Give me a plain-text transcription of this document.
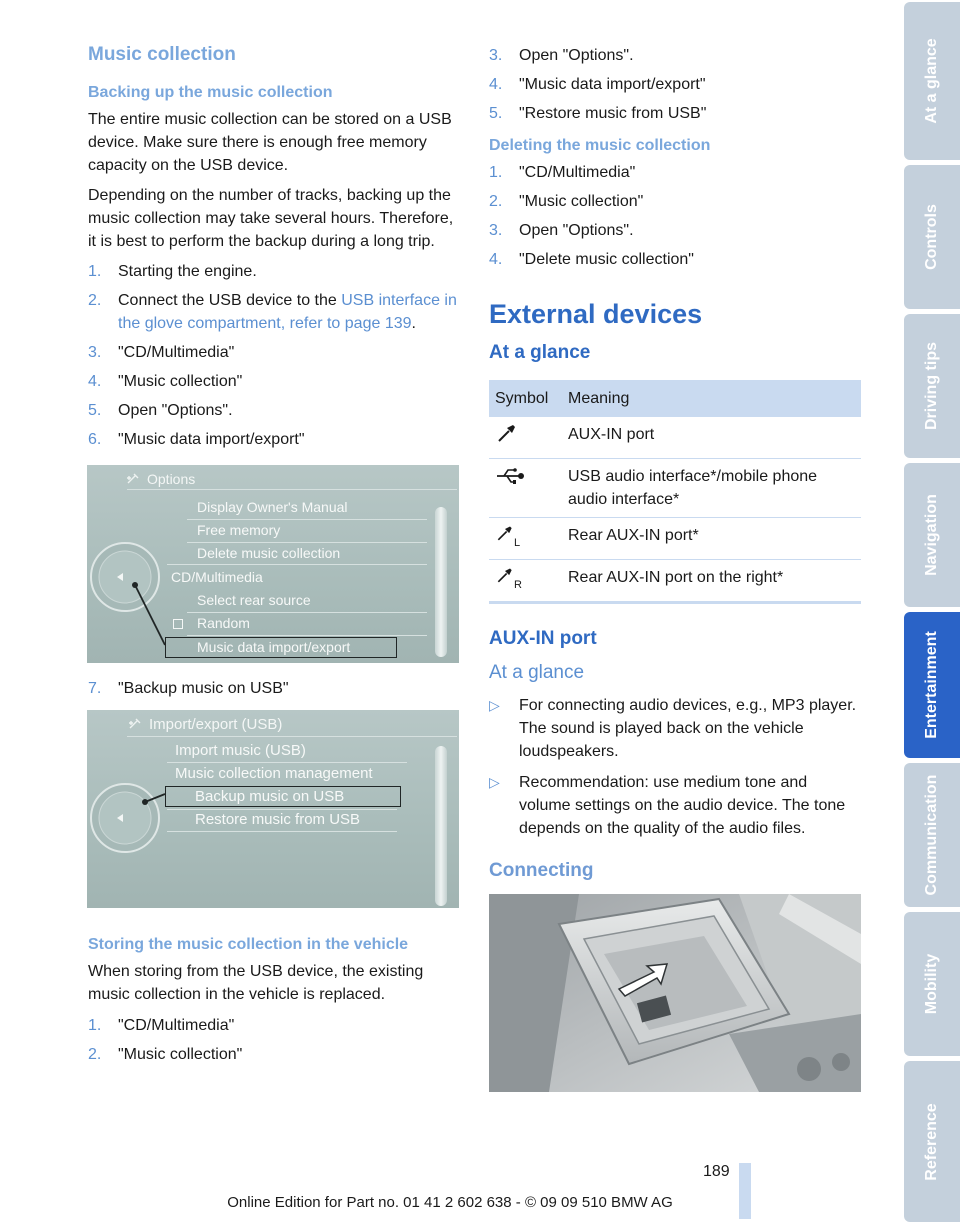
Music collection
Backing up the music collection

The entire music collection can be stored on a USB device. Make sure there is enough free memory capacity on the USB device.

Depending on the number of tracks, backing up the music collection may take several hours. Therefore, it is best to perform the backup during a long trip.

1.	Starting the engine.
2.	Connect the USB device to the USB interface in the glove compartment, refer to page 139.
3.	"CD/Multimedia"
4.	"Music collection"
5.	Open "Options".
6.	"Music data import/export"
Options
Display Owner's Manual
Free memory
Delete music collection
CD/Multimedia
Select rear source
Random
Music data import/export
7.	"Backup music on USB"
Import/export (USB)
Import music (USB)
Music collection management
Backup music on USB
Restore music from USB
Storing the music collection in the vehicle

When storing from the USB device, the existing music collection in the vehicle is replaced.

1.	"CD/Multimedia"
2.	"Music collection"
3.	Open "Options".
4.	"Music data import/export"
5.	"Restore music from USB"
Deleting the music collection
1.	"CD/Multimedia"
2.	"Music collection"
3.	Open "Options".
4.	"Delete music collection"
External devices
At a glance
Symbol	Meaning
	AUX-IN port
	USB audio interface*/mobile phone audio interface*

L	Rear AUX-IN port*

R	Rear AUX-IN port on the right*
AUX-IN port
At a glance
▷	For connecting audio devices, e.g., MP3 player. The sound is played back on the vehicle loudspeakers.
▷	Recommendation: use medium tone and volume settings on the audio device. The tone depends on the quality of the audio files.
Connecting
At a glance
Controls
Driving tips
Navigation
Entertainment
Communication
Mobility
Reference
189
Online Edition for Part no. 01 41 2 602 638 - © 09 09 510 BMW AG
